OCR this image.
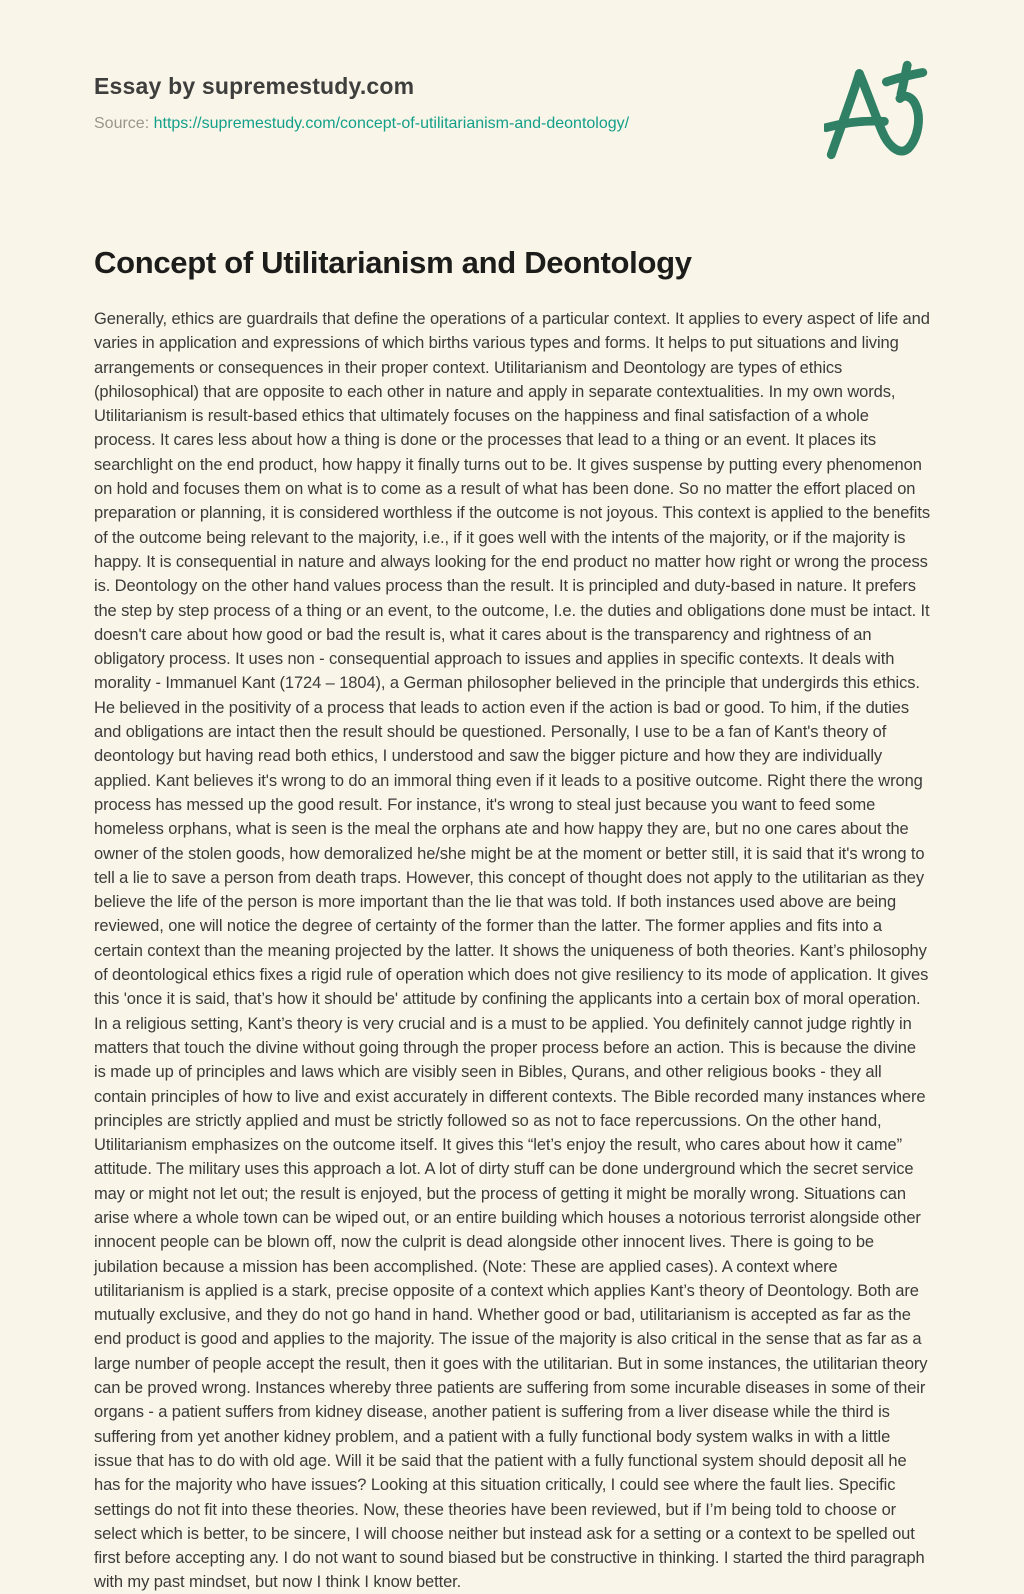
Essay by supremestudy.com
Source: https://supremestudy.com/concept-of-utilitarianism-and-deontology/
Concept of Utilitarianism and Deontology

Generally, ethics are guardrails that define the operations of a particular context. It applies to every aspect of life and varies in application and expressions of which births various types and forms. It helps to put situations and living arrangements or consequences in their proper context. Utilitarianism and Deontology are types of ethics (philosophical) that are opposite to each other in nature and apply in separate contextualities. In my own words, Utilitarianism is result-based ethics that ultimately focuses on the happiness and final satisfaction of a whole process. It cares less about how a thing is done or the processes that lead to a thing or an event. It places its searchlight on the end product, how happy it finally turns out to be. It gives suspense by putting every phenomenon on hold and focuses them on what is to come as a result of what has been done. So no matter the effort placed on preparation or planning, it is considered worthless if the outcome is not joyous. This context is applied to the benefits of the outcome being relevant to the majority, i.e., if it goes well with the intents of the majority, or if the majority is happy. It is consequential in nature and always looking for the end product no matter how right or wrong the process is. Deontology on the other hand values process than the result. It is principled and duty-based in nature. It prefers the step by step process of a thing or an event, to the outcome, I.e. the duties and obligations done must be intact. It doesn't care about how good or bad the result is, what it cares about is the transparency and rightness of an obligatory process. It uses non - consequential approach to issues and applies in specific contexts. It deals with morality - Immanuel Kant (1724 – 1804), a German philosopher believed in the principle that undergirds this ethics. He believed in the positivity of a process that leads to action even if the action is bad or good. To him, if the duties and obligations are intact then the result should be questioned. Personally, I use to be a fan of Kant's theory of deontology but having read both ethics, I understood and saw the bigger picture and how they are individually applied. Kant believes it's wrong to do an immoral thing even if it leads to a positive outcome. Right there the wrong process has messed up the good result. For instance, it's wrong to steal just because you want to feed some homeless orphans, what is seen is the meal the orphans ate and how happy they are, but no one cares about the owner of the stolen goods, how demoralized he/she might be at the moment or better still, it is said that it's wrong to tell a lie to save a person from death traps. However, this concept of thought does not apply to the utilitarian as they believe the life of the person is more important than the lie that was told. If both instances used above are being reviewed, one will notice the degree of certainty of the former than the latter. The former applies and fits into a certain context than the meaning projected by the latter. It shows the uniqueness of both theories. Kant’s philosophy of deontological ethics fixes a rigid rule of operation which does not give resiliency to its mode of application. It gives this 'once it is said, that’s how it should be' attitude by confining the applicants into a certain box of moral operation. In a religious setting, Kant’s theory is very crucial and is a must to be applied. You definitely cannot judge rightly in matters that touch the divine without going through the proper process before an action. This is because the divine is made up of principles and laws which are visibly seen in Bibles, Qurans, and other religious books - they all contain principles of how to live and exist accurately in different contexts. The Bible recorded many instances where principles are strictly applied and must be strictly followed so as not to face repercussions. On the other hand, Utilitarianism emphasizes on the outcome itself. It gives this “let’s enjoy the result, who cares about how it came” attitude. The military uses this approach a lot. A lot of dirty stuff can be done underground which the secret service may or might not let out; the result is enjoyed, but the process of getting it might be morally wrong. Situations can arise where a whole town can be wiped out, or an entire building which houses a notorious terrorist alongside other innocent people can be blown off, now the culprit is dead alongside other innocent lives. There is going to be jubilation because a mission has been accomplished. (Note: These are applied cases). A context where utilitarianism is applied is a stark, precise opposite of a context which applies Kant’s theory of Deontology. Both are mutually exclusive, and they do not go hand in hand. Whether good or bad, utilitarianism is accepted as far as the end product is good and applies to the majority. The issue of the majority is also critical in the sense that as far as a large number of people accept the result, then it goes with the utilitarian. But in some instances, the utilitarian theory can be proved wrong. Instances whereby three patients are suffering from some incurable diseases in some of their organs - a patient suffers from kidney disease, another patient is suffering from a liver disease while the third is suffering from yet another kidney problem, and a patient with a fully functional body system walks in with a little issue that has to do with old age. Will it be said that the patient with a fully functional system should deposit all he has for the majority who have issues? Looking at this situation critically, I could see where the fault lies. Specific settings do not fit into these theories. Now, these theories have been reviewed, but if I’m being told to choose or select which is better, to be sincere, I will choose neither but instead ask for a setting or a context to be spelled out first before accepting any. I do not want to sound biased but be constructive in thinking. I started the third paragraph with my past mindset, but now I think I know better.
